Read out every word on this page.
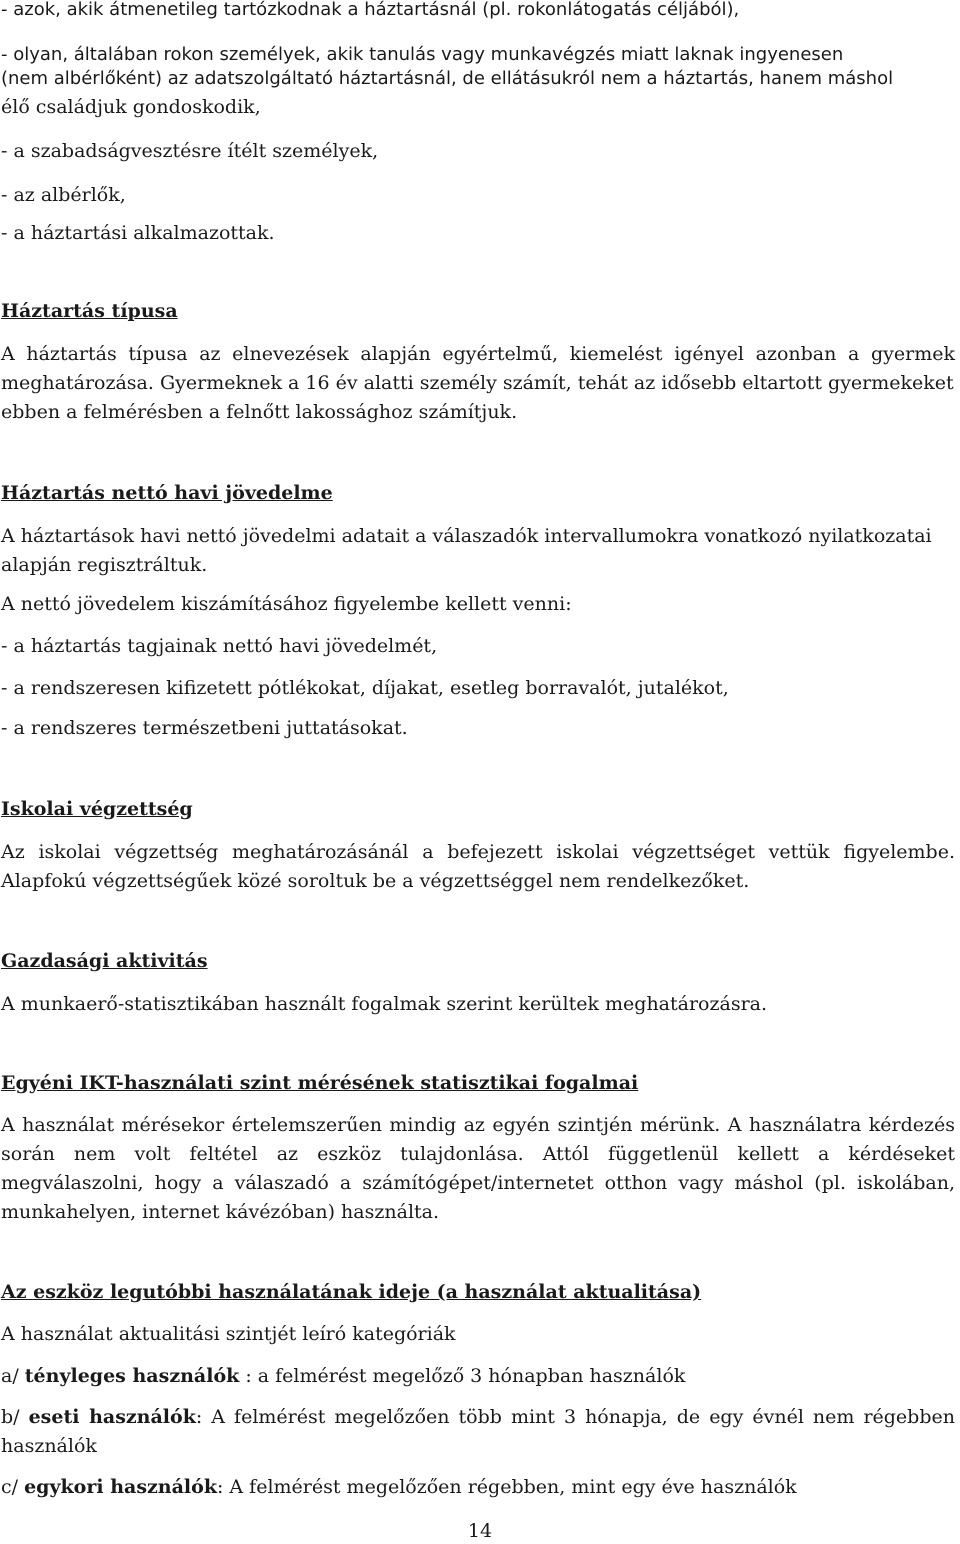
- azok, akik átmenetileg tartózkodnak a háztartásnál (pl. rokonlátogatás céljából),

- olyan, általában rokon személyek, akik tanulás vagy munkavégzés miatt laknak ingyenesen

(nem albérlőként) az adatszolgáltató háztartásnál, de ellátásukról nem a háztartás, hanem máshol

élő családjuk gondoskodik,

- a szabadságvesztésre ítélt személyek,

- az albérlők,

- a háztartási alkalmazottak.

Háztartás típusa

A háztartás típusa az elnevezések alapján egyértelmű, kiemelést igényel azonban a gyermek

meghatározása. Gyermeknek a 16 év alatti személy számít, tehát az idősebb eltartott gyermekeket

ebben a felmérésben a felnőtt lakossághoz számítjuk.

Háztartás nettó havi jövedelme

A háztartások havi nettó jövedelmi adatait a válaszadók intervallumokra vonatkozó nyilatkozatai

alapján regisztráltuk.

A nettó jövedelem kiszámításához figyelembe kellett venni:

- a háztartás tagjainak nettó havi jövedelmét,

- a rendszeresen kifizetett pótlékokat, díjakat, esetleg borravalót, jutalékot,

- a rendszeres természetbeni juttatásokat.

Iskolai végzettség

Az iskolai végzettség meghatározásánál a befejezett iskolai végzettséget vettük figyelembe.

Alapfokú végzettségűek közé soroltuk be a végzettséggel nem rendelkezőket.

Gazdasági aktivitás

A munkaerő-statisztikában használt fogalmak szerint kerültek meghatározásra.

Egyéni IKT-használati szint mérésének statisztikai fogalmai

A használat mérésekor értelemszerűen mindig az egyén szintjén mérünk. A használatra kérdezés

során nem volt feltétel az eszköz tulajdonlása. Attól függetlenül kellett a kérdéseket

megválaszolni, hogy a válaszadó a számítógépet/internetet otthon vagy máshol (pl. iskolában,

munkahelyen, internet kávézóban) használta.

Az eszköz legutóbbi használatának ideje (a használat aktualitása)

A használat aktualitási szintjét leíró kategóriák

a/ tényleges használók : a felmérést megelőző 3 hónapban használók

b/ eseti használók: A felmérést megelőzően több mint 3 hónapja, de egy évnél nem régebben

használók

c/ egykori használók: A felmérést megelőzően régebben, mint egy éve használók

14
